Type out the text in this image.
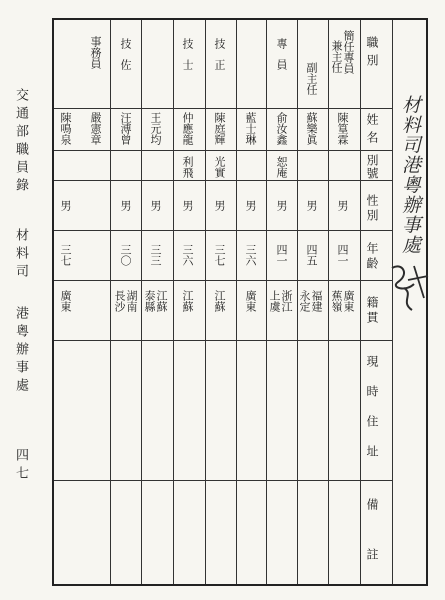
交通部職員錄
材料司
港粵辦事處
四七
材料司港粵辦事處
職別
姓名
別號
性別
年齡
籍貫
現時住址
備註
簡任專員
兼主任
陳篁霖
男
四一
廣東
蕉嶺
副主任
蘇樂眞
男
四五
福建
永定
專員
俞汝鑫
恕庵
男
四一
浙江
上虞
藍士琳
男
三六
廣東
技正
陳庭輝
光實
男
三七
江蘇
技士
仲應龍
利飛
男
三六
江蘇
王元均
男
三三
江蘇
泰縣
技佐
汪溥曾
男
三〇
湖南
長沙
事務員
嚴憲章
陳鳴泉
男
三七
廣東
